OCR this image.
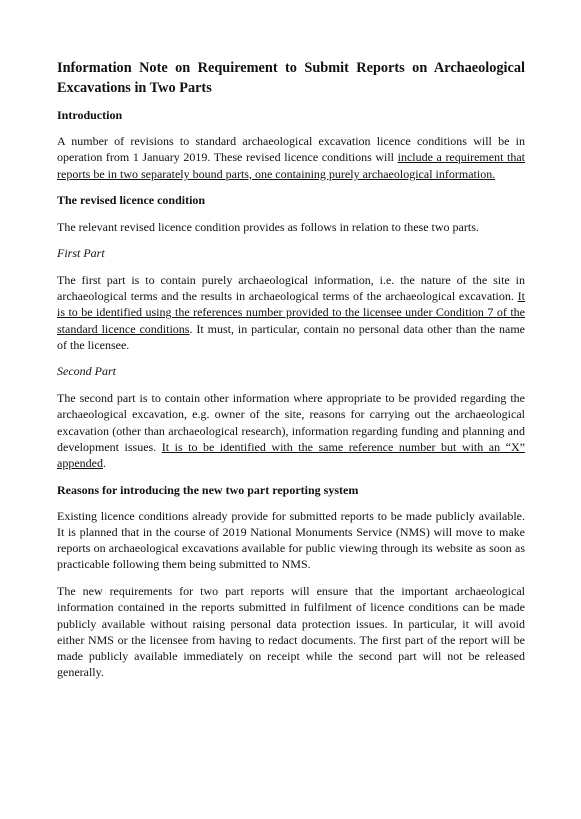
Information Note on Requirement to Submit Reports on Archaeological Excavations in Two Parts
Introduction

A number of revisions to standard archaeological excavation licence conditions will be in operation from 1 January 2019. These revised licence conditions will include a requirement that reports be in two separately bound parts, one containing purely archaeological information.

The revised licence condition

The relevant revised licence condition provides as follows in relation to these two parts.

First Part

The first part is to contain purely archaeological information, i.e. the nature of the site in archaeological terms and the results in archaeological terms of the archaeological excavation. It is to be identified using the references number provided to the licensee under Condition 7 of the standard licence conditions. It must, in particular, contain no personal data other than the name of the licensee.

Second Part

The second part is to contain other information where appropriate to be provided regarding the archaeological excavation, e.g. owner of the site, reasons for carrying out the archaeological excavation (other than archaeological research), information regarding funding and planning and development issues. It is to be identified with the same reference number but with an “X” appended.

Reasons for introducing the new two part reporting system

Existing licence conditions already provide for submitted reports to be made publicly available. It is planned that in the course of 2019 National Monuments Service (NMS) will move to make reports on archaeological excavations available for public viewing through its website as soon as practicable following them being submitted to NMS.

The new requirements for two part reports will ensure that the important archaeological information contained in the reports submitted in fulfilment of licence conditions can be made publicly available without raising personal data protection issues. In particular, it will avoid either NMS or the licensee from having to redact documents. The first part of the report will be made publicly available immediately on receipt while the second part will not be released generally.
